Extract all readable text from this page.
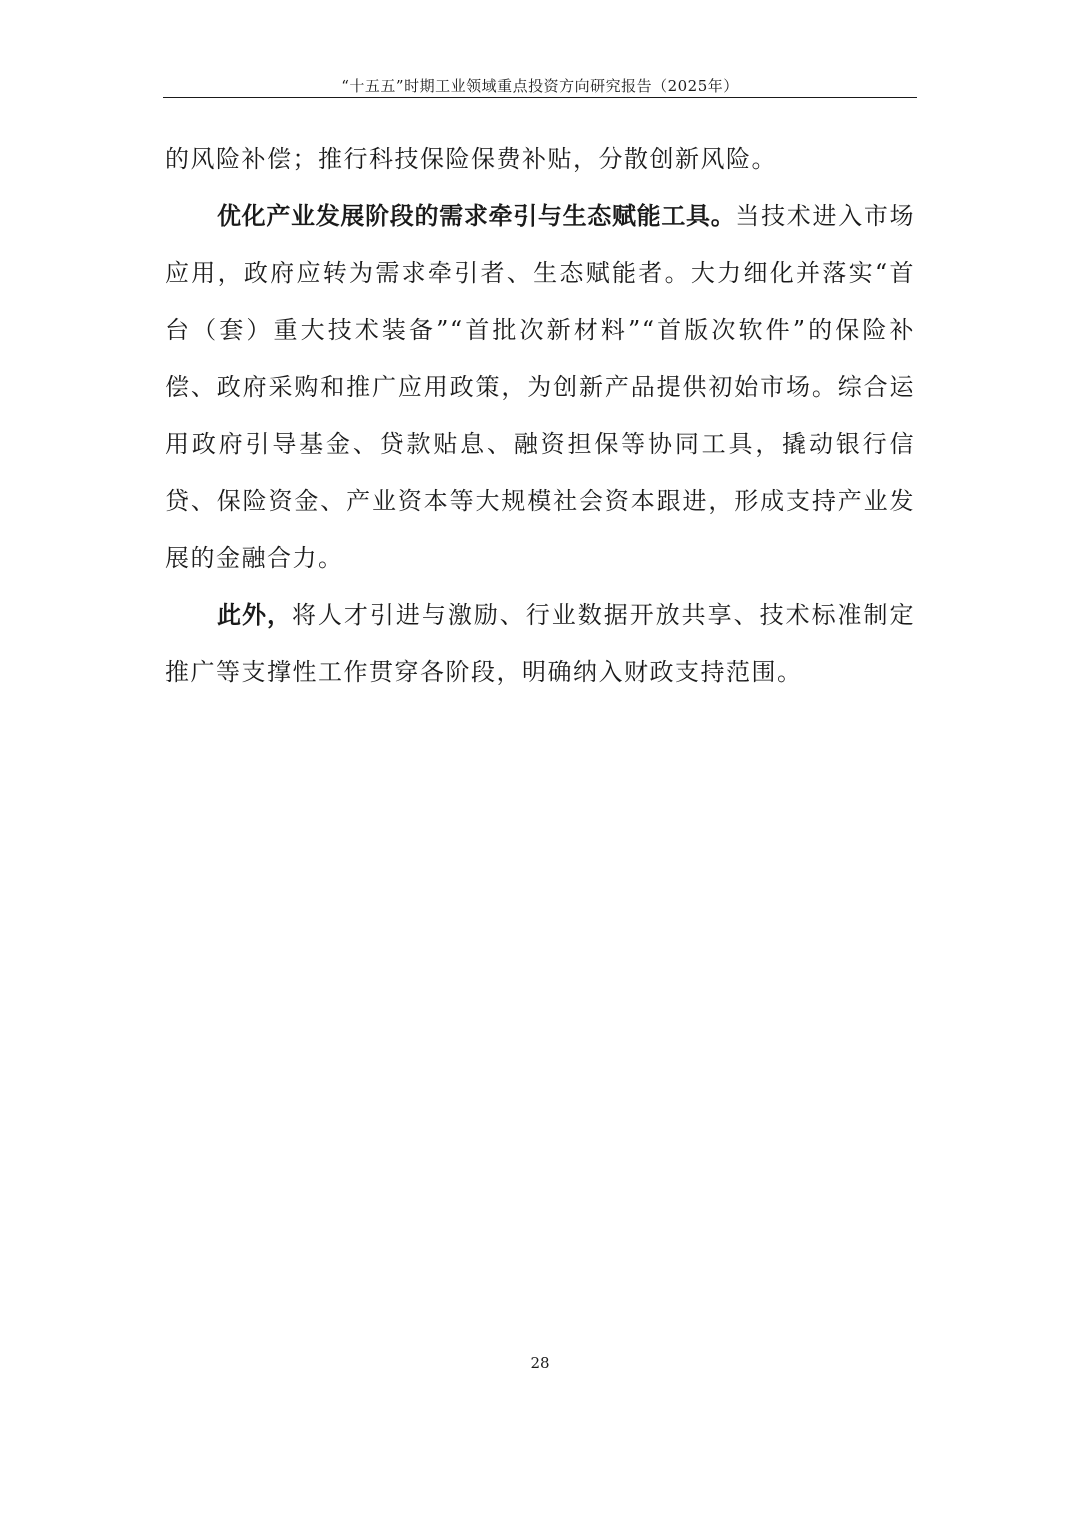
“十五五”时期工业领域重点投资方向研究报告（2025年）

的风险补偿；推行科技保险保费补贴，分散创新风险。

优化产业发展阶段的需求牵引与生态赋能工具。当技术进入市场应用，政府应转为需求牵引者、生态赋能者。大力细化并落实“首台（套）重大技术装备”“首批次新材料”“首版次软件”的保险补偿、政府采购和推广应用政策，为创新产品提供初始市场。综合运用政府引导基金、贷款贴息、融资担保等协同工具，撬动银行信贷、保险资金、产业资本等大规模社会资本跟进，形成支持产业发展的金融合力。

此外，将人才引进与激励、行业数据开放共享、技术标准制定推广等支撑性工作贯穿各阶段，明确纳入财政支持范围。

28
